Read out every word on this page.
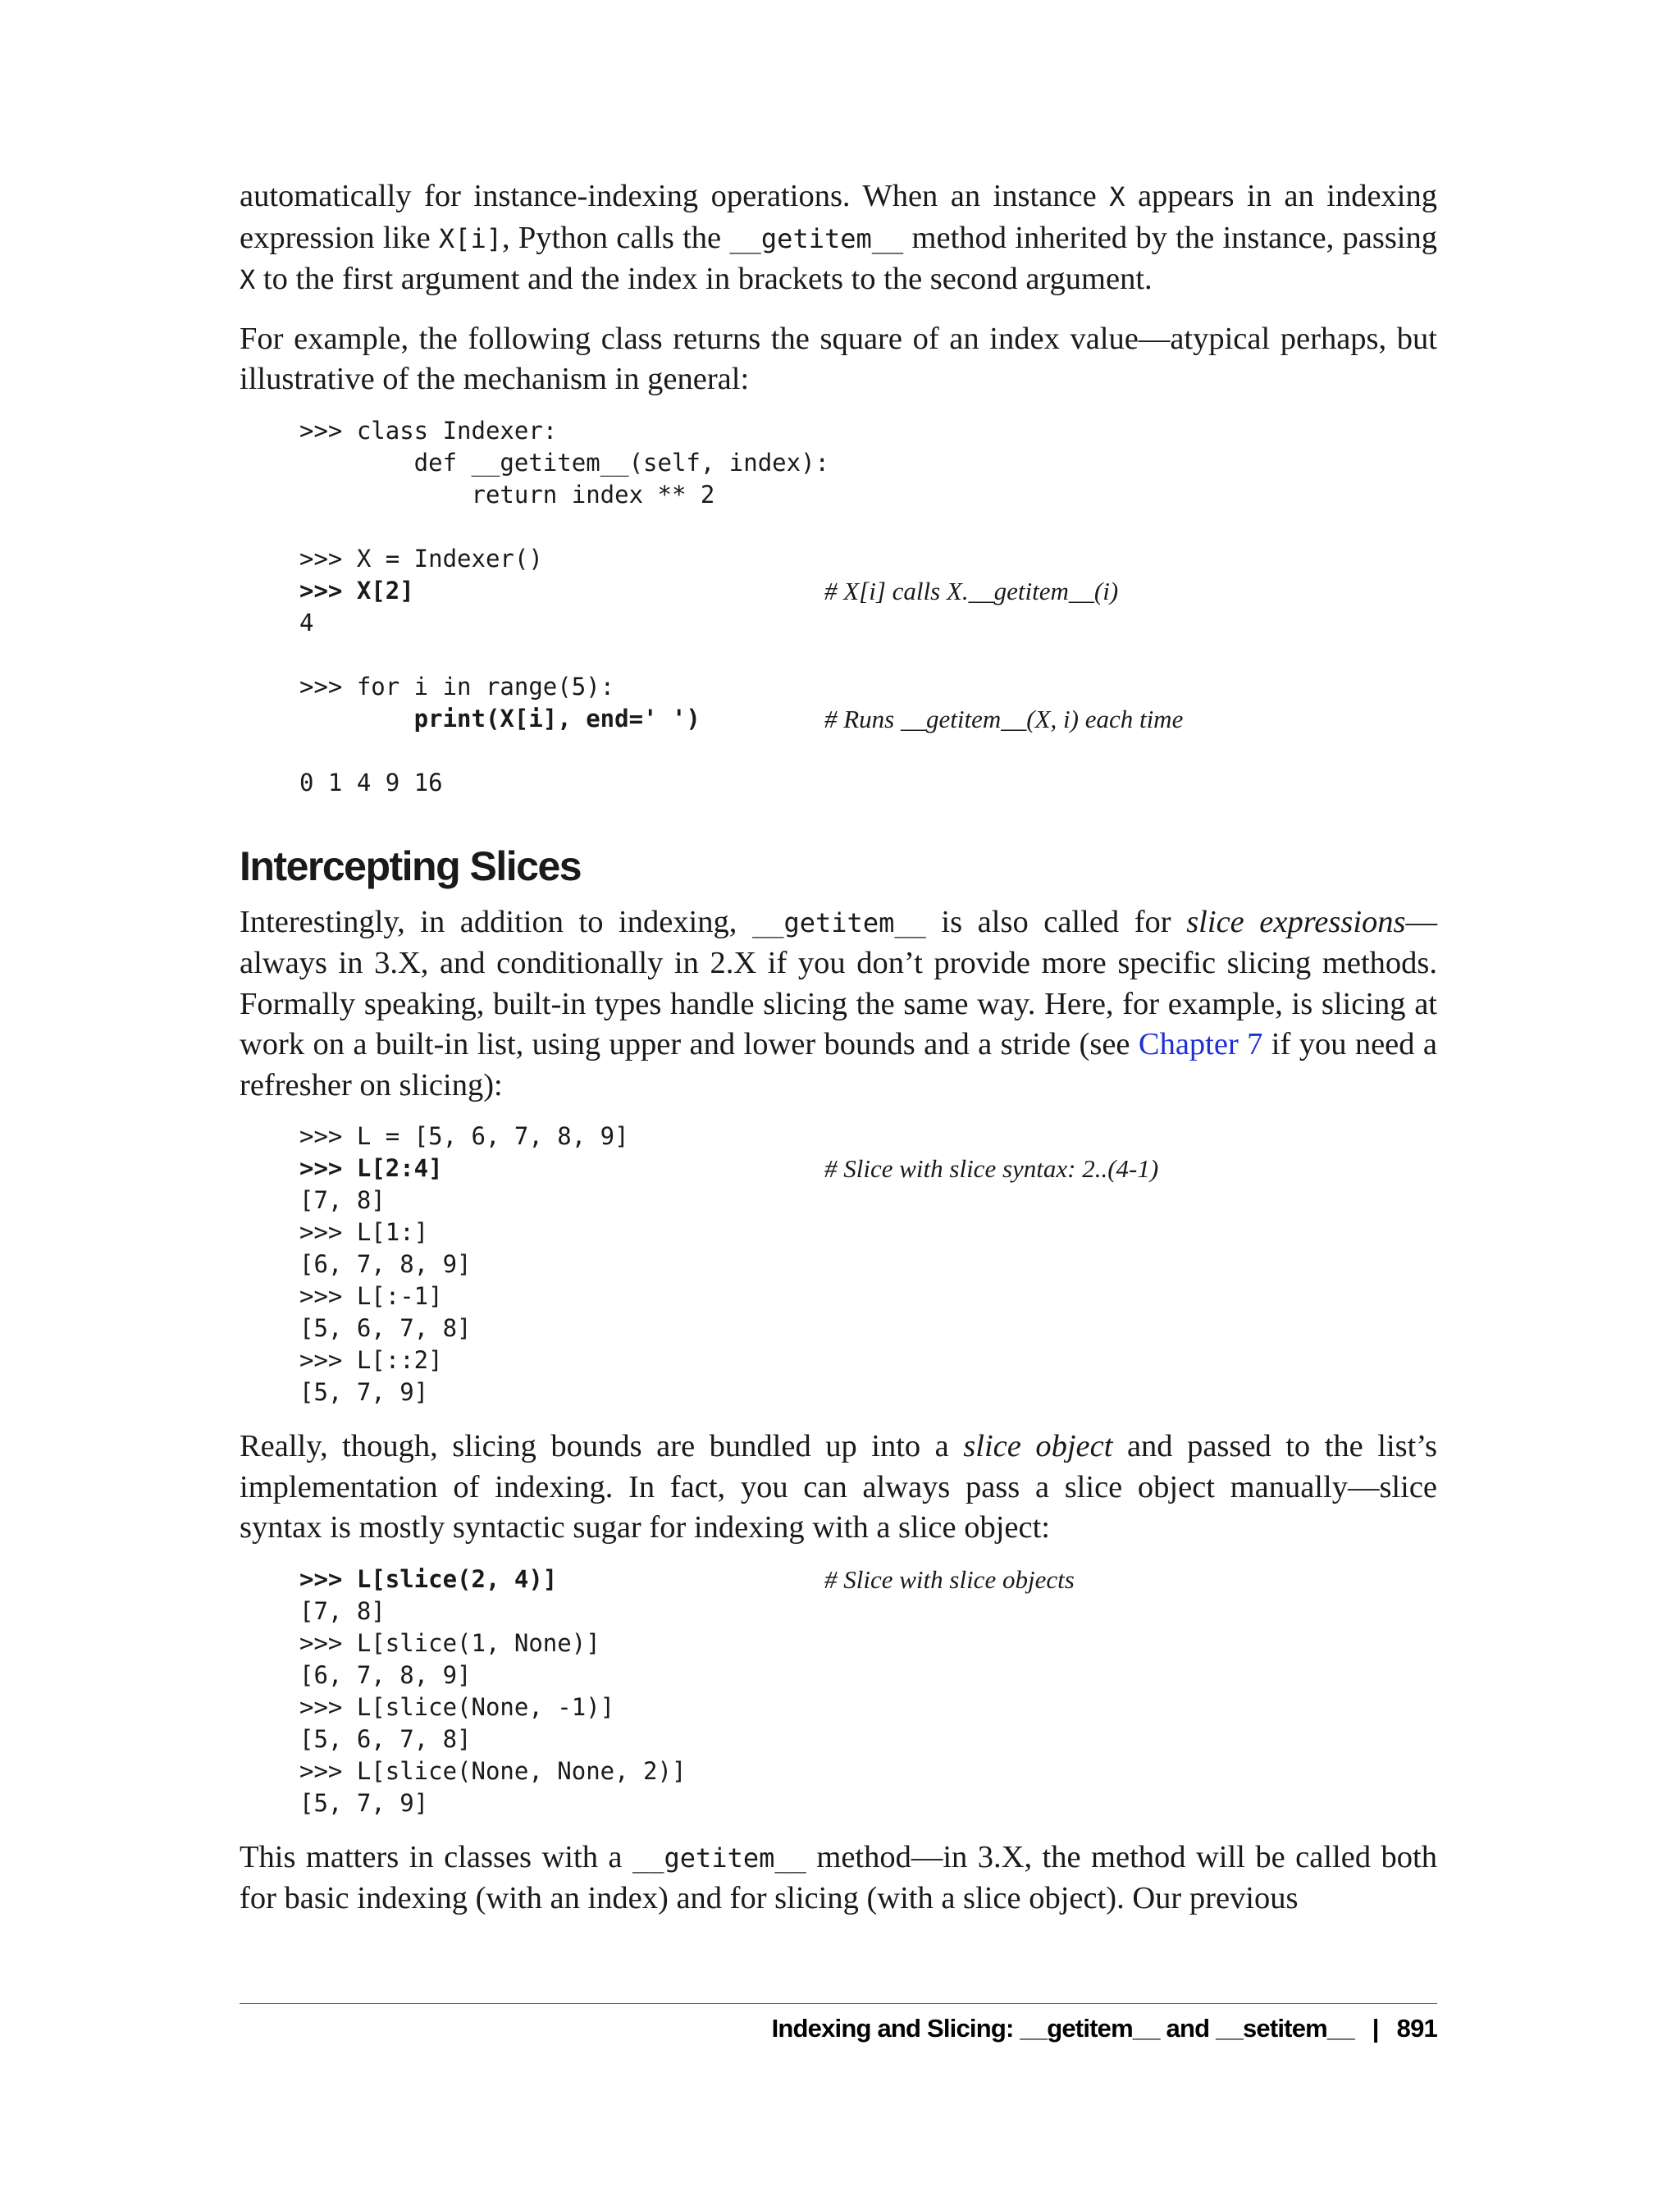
automatically for instance-indexing operations. When an instance X appears in an indexing expression like X[i], Python calls the __getitem__ method inherited by the instance, passing X to the first argument and the index in brackets to the second argument.

For example, the following class returns the square of an index value—atypical perhaps, but illustrative of the mechanism in general:

>>> class Indexer:
def __getitem__(self, index):
return index ** 2
>>> X = Indexer()
>>> X[2]	# X[i] calls X.__getitem__(i)
4
>>> for i in range(5):
print(X[i], end=' ')	# Runs __getitem__(X, i) each time
0 1 4 9 16
Intercepting Slices

Interestingly, in addition to indexing, __getitem__ is also called for slice expressions—always in 3.X, and conditionally in 2.X if you don’t provide more specific slicing methods. Formally speaking, built-in types handle slicing the same way. Here, for example, is slicing at work on a built-in list, using upper and lower bounds and a stride (see Chapter 7 if you need a refresher on slicing):

>>> L = [5, 6, 7, 8, 9]
>>> L[2:4]	# Slice with slice syntax: 2..(4-1)
[7, 8]
>>> L[1:]
[6, 7, 8, 9]
>>> L[:-1]
[5, 6, 7, 8]
>>> L[::2]
[5, 7, 9]

Really, though, slicing bounds are bundled up into a slice object and passed to the list’s implementation of indexing. In fact, you can always pass a slice object manually—slice syntax is mostly syntactic sugar for indexing with a slice object:

>>> L[slice(2, 4)]	# Slice with slice objects
[7, 8]
>>> L[slice(1, None)]
[6, 7, 8, 9]
>>> L[slice(None, -1)]
[5, 6, 7, 8]
>>> L[slice(None, None, 2)]
[5, 7, 9]

This matters in classes with a __getitem__ method—in 3.X, the method will be called both for basic indexing (with an index) and for slicing (with a slice object). Our previous

Indexing and Slicing: __getitem__ and __setitem__ | 891
